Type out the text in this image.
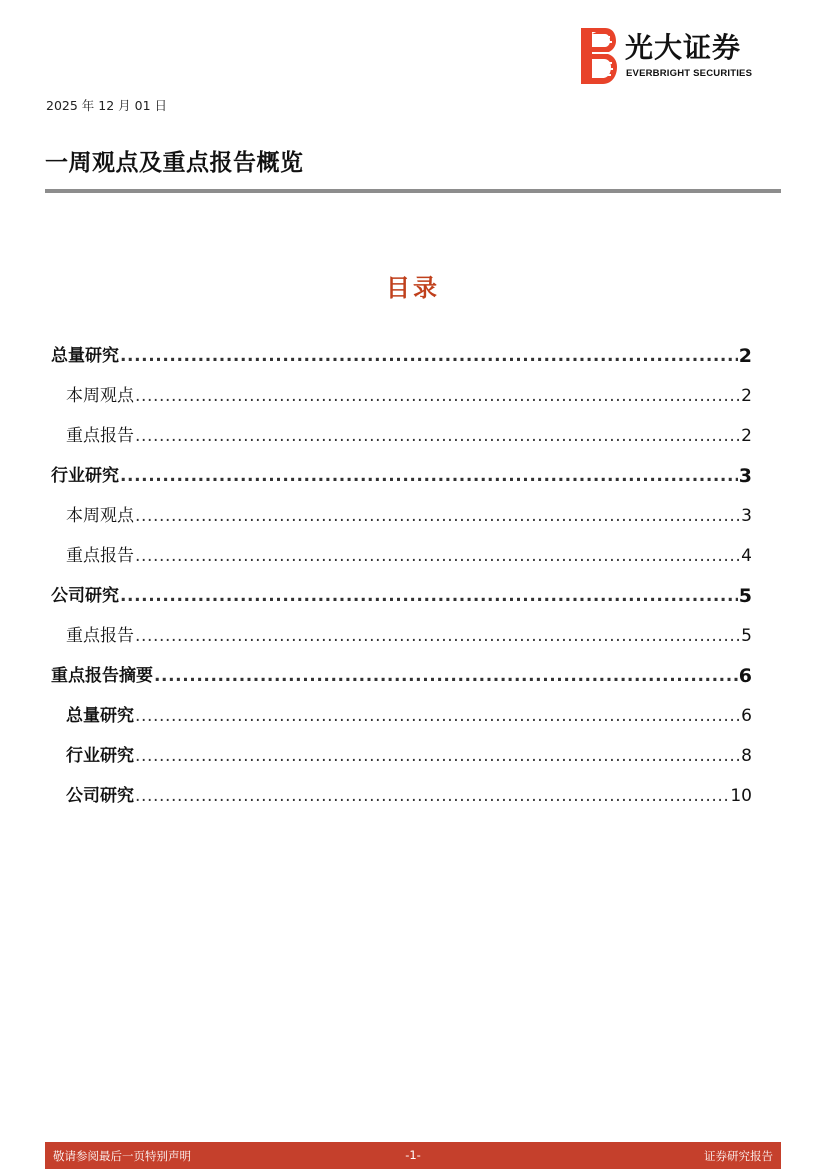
光大证券
EVERBRIGHT SECURITIES
2025 年 12 月 01 日
一周观点及重点报告概览
目录
总量研究 .....	2
本周观点 .....	2
重点报告 .....	2
行业研究 .....	3
本周观点 .....	3
重点报告 .....	4
公司研究 .....	5
重点报告 .....	5
重点报告摘要 .....	6
总量研究 .....	6
行业研究 .....	8
公司研究 .....	10
敬请参阅最后一页特别声明	-1-	证券研究报告
